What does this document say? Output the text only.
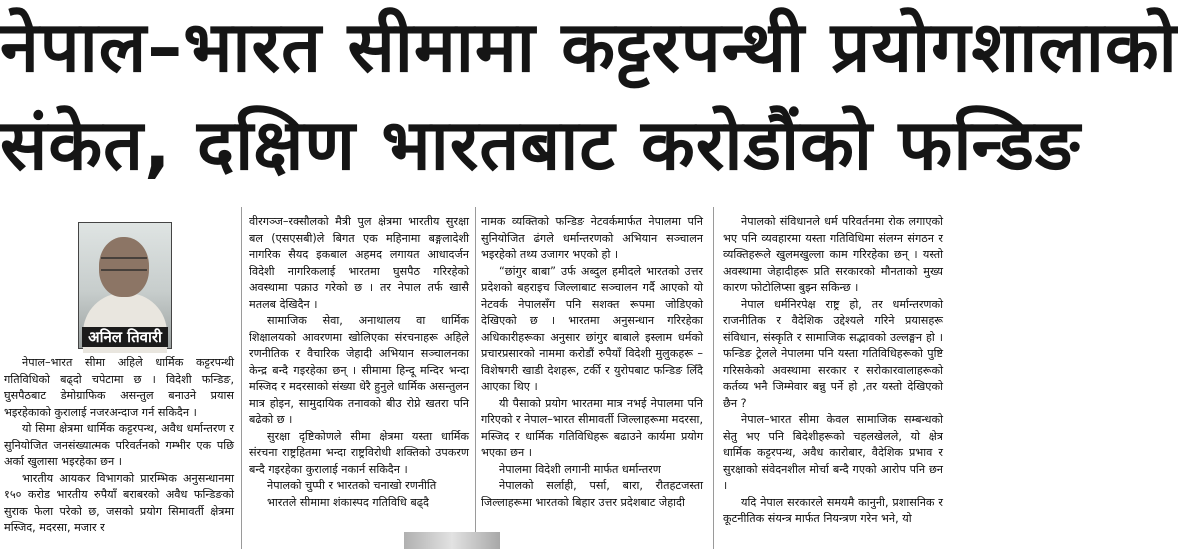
नेपाल–भारत सीमामा कट्टरपन्थी प्रयोगशालाको
संकेत, दक्षिण भारतबाट करोडौंको फन्डिङ
अनिल तिवारी

नेपाल–भारत सीमा अहिले धार्मिक कट्टरपन्थी गतिविधिको बढ्दो चपेटामा छ । विदेशी फन्डिङ, घुसपैठबाट डेमोग्राफिक असन्तुल बनाउने प्रयास भइरहेकाको कुरालाई नजरअन्दाज गर्न सकिदैन ।

यो सिमा क्षेत्रमा धार्मिक कट्टरपन्थ, अवैध धर्मान्तरण र सुनियोजित जनसंख्यात्मक परिवर्तनको गम्भीर एक पछि अर्का खुलासा भइरहेका छन ।

भारतीय आयकर विभागको प्रारम्भिक अनुसन्धानमा १५० करोड भारतीय रुपैयाँ बराबरको अवैध फन्डिङको सुराक फेला परेको छ, जसको प्रयोग सिमावर्ती क्षेत्रमा मस्जिद, मदरसा, मजार र

वीरगञ्ज–रक्सौलको मैत्री पुल क्षेत्रमा भारतीय सुरक्षा बल (एसएसबी)ले बिगत एक महिनामा बङ्गलादेशी नागरिक सैयद इकबाल अहमद लगायत आधादर्जन विदेशी नागरिकलाई भारतमा घुसपैठ गरिरहेको अवस्थामा पक्राउ गरेको छ । तर नेपाल तर्फ खासै मतलब देखिदैन ।

सामाजिक सेवा, अनाथालय वा धार्मिक शिक्षालयको आवरणमा खोलिएका संरचनाहरू अहिले रणनीतिक र वैचारिक जेहादी अभियान सञ्चालनका केन्द्र बन्दै गइरहेका छन् । सीमामा हिन्दू मन्दिर भन्दा मस्जिद र मदरसाको संख्या धेरै हुनुले धार्मिक असन्तुलन मात्र होइन, सामुदायिक तनावको बीउ रोप्ने खतरा पनि बढेको छ ।

सुरक्षा दृष्टिकोणले सीमा क्षेत्रमा यस्ता धार्मिक संरचना राष्ट्रहितमा भन्दा राष्ट्रविरोधी शक्तिको उपकरण बन्दै गइरहेका कुरालाई नकार्न सकिदैन ।

नेपालको चुप्पी र भारतको चनाखो रणनीति

भारतले सीमामा शंकास्पद गतिविधि बढ्दै

नामक व्यक्तिको फन्डिङ नेटवर्कमार्फत नेपालमा पनि सुनियोजित ढंगले धर्मान्तरणको अभियान सञ्चालन भइरहेको तथ्य उजागर भएको हो ।

“छांगुर बाबा” उर्फ अब्दुल हमीदले भारतको उत्तर प्रदेशको बहराइच जिल्लाबाट सञ्चालन गर्दै आएको यो नेटवर्क नेपालसँग पनि सशक्त रूपमा जोडिएको देखिएको छ । भारतमा अनुसन्धान गरिरहेका अधिकारीहरूका अनुसार छांगुर बाबाले इस्लाम धर्मको प्रचारप्रसारको नाममा करोडौं रुपैयाँ विदेशी मुलुकहरू – विशेषगरी खाडी देशहरू, टर्की र युरोपबाट फन्डिङ लिँदै आएका थिए ।

यी पैसाको प्रयोग भारतमा मात्र नभई नेपालमा पनि गरिएको र नेपाल–भारत सीमावर्ती जिल्लाहरूमा मदरसा, मस्जिद र धार्मिक गतिविधिहरू बढाउने कार्यमा प्रयोग भएका छन ।

नेपालमा विदेशी लगानी मार्फत धर्मान्तरण

नेपालको सर्लाही, पर्सा, बारा, रौतहटजस्ता जिल्लाहरूमा भारतको बिहार उत्तर प्रदेशबाट जेहादी

नेपालको संविधानले धर्म परिवर्तनमा रोक लगाएको भए पनि व्यवहारमा यस्ता गतिविधिमा संलग्न संगठन र व्यक्तिहरूले खुलमखुल्ला काम गरिरहेका छन् । यस्तो अवस्थामा जेहादीहरू प्रति सरकारको मौनताको मुख्य कारण फोटोलिप्सा बुझ्न सकिन्छ ।

नेपाल धर्मनिरपेक्ष राष्ट्र हो, तर धर्मान्तरणको राजनीतिक र वैदेशिक उद्देश्यले गरिने प्रयासहरू संविधान, संस्कृति र सामाजिक सद्भावको उल्लङ्घन हो । फन्डिङ ट्रेलले नेपालमा पनि यस्ता गतिविधिहरूको पुष्टि गरिसकेको अवस्थामा सरकार र सरोकारवालाहरूको कर्तव्य भनै जिम्मेवार बन्नु पर्ने हो ,तर यस्तो देखिएको छैन ?

नेपाल–भारत सीमा केवल सामाजिक सम्बन्धको सेतु भए पनि बिदेशीहरूको चहलखेलले, यो क्षेत्र धार्मिक कट्टरपन्थ, अवैध कारोबार, वैदेशिक प्रभाव र सुरक्षाको संवेदनशील मोर्चा बन्दै गएको आरोप पनि छन ।

यदि नेपाल सरकारले समयमै कानुनी, प्रशासनिक र कूटनीतिक संयन्त्र मार्फत नियन्त्रण गरेन भने, यो
